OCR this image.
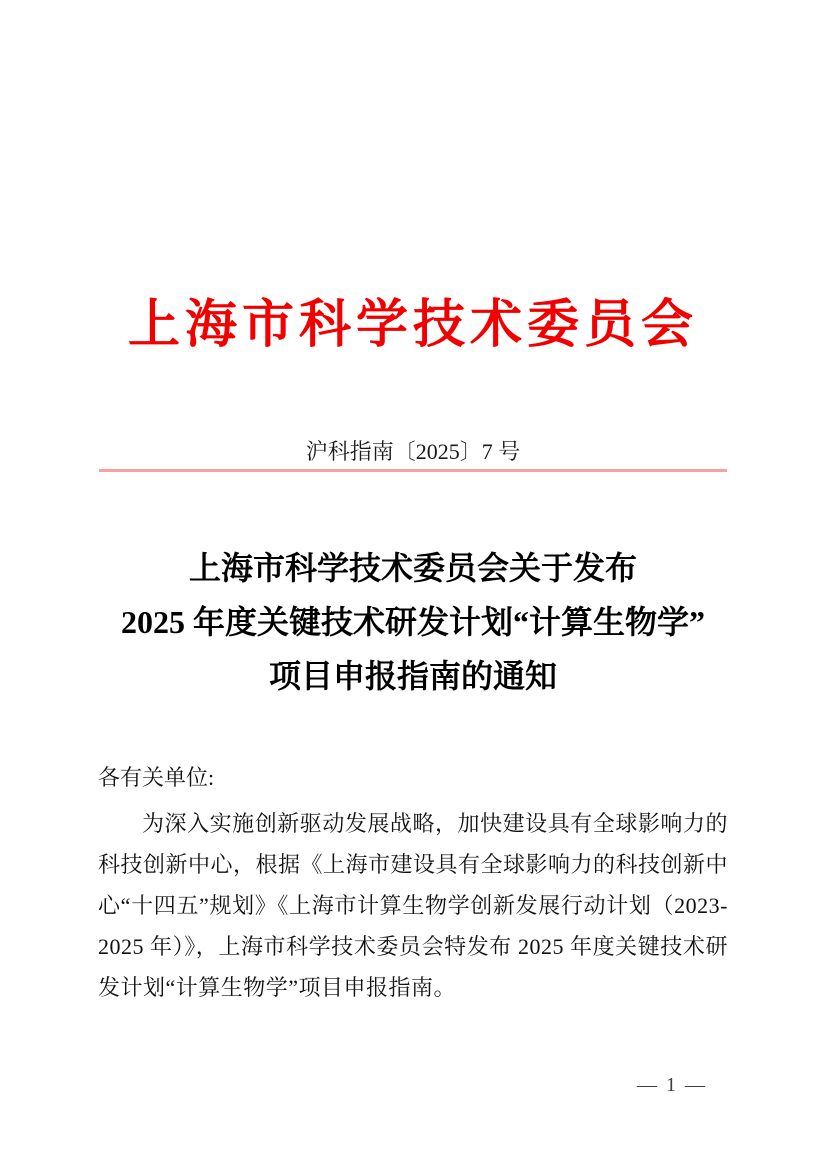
上海市科学技术委员会
沪科指南〔2025〕7 号
上海市科学技术委员会关于发布
2025 年度关键技术研发计划“计算生物学”
项目申报指南的通知
各有关单位:

为深入实施创新驱动发展战略，加快建设具有全球影响力的科技创新中心，根据《上海市建设具有全球影响力的科技创新中心“十四五”规划》《上海市计算生物学创新发展行动计划（2023-2025 年）》，上海市科学技术委员会特发布 2025 年度关键技术研发计划“计算生物学”项目申报指南。

— 1 —
